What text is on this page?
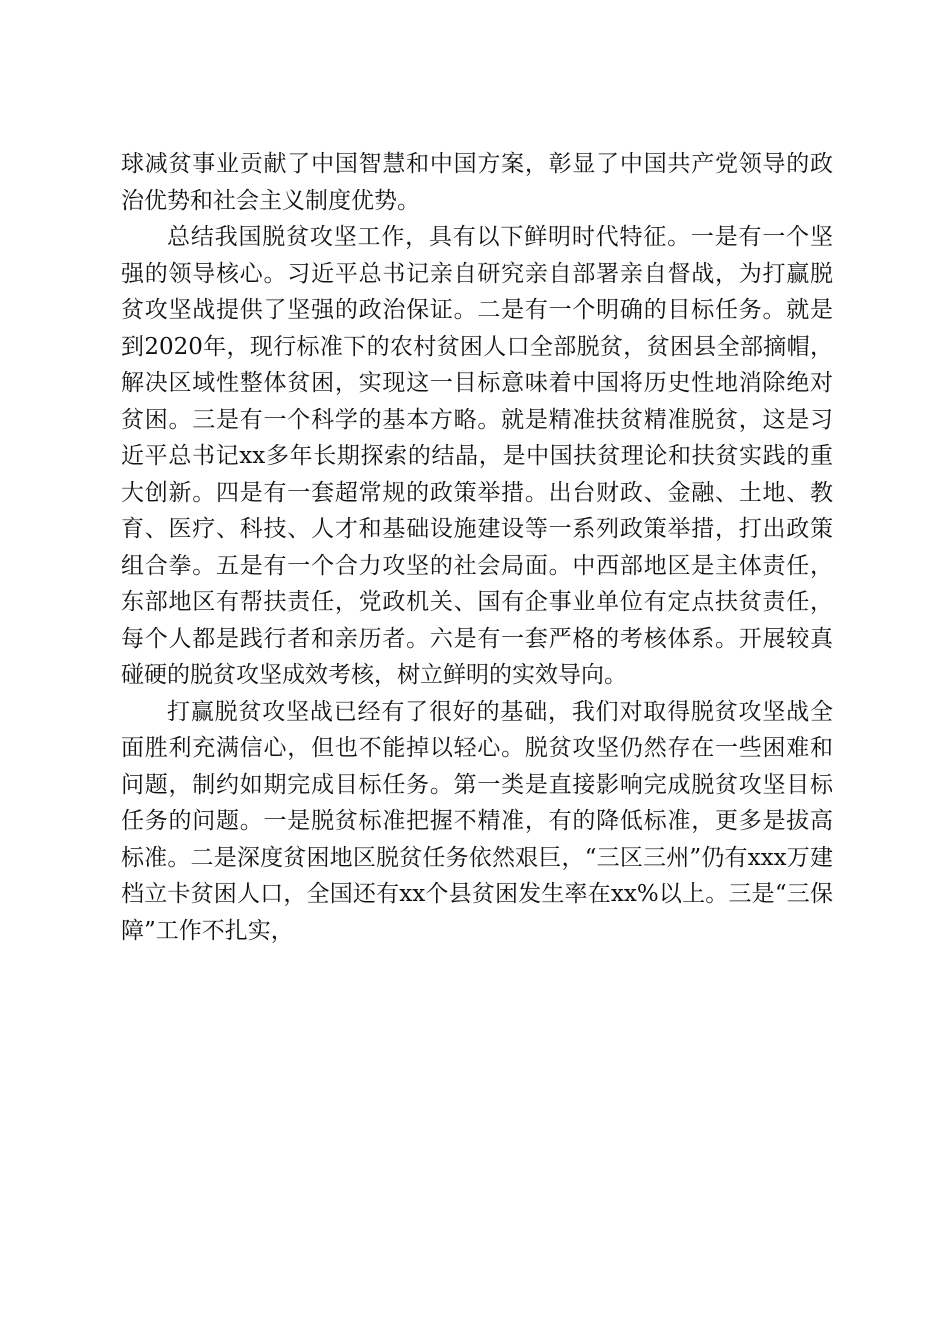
球减贫事业贡献了中国智慧和中国方案，彰显了中国共产党领导的政治优势和社会主义制度优势。

总结我国脱贫攻坚工作，具有以下鲜明时代特征。一是有一个坚强的领导核心。习近平总书记亲自研究亲自部署亲自督战，为打赢脱贫攻坚战提供了坚强的政治保证。二是有一个明确的目标任务。就是到2020年，现行标准下的农村贫困人口全部脱贫，贫困县全部摘帽，解决区域性整体贫困，实现这一目标意味着中国将历史性地消除绝对贫困。三是有一个科学的基本方略。就是精准扶贫精准脱贫，这是习近平总书记xx多年长期探索的结晶，是中国扶贫理论和扶贫实践的重大创新。四是有一套超常规的政策举措。出台财政、金融、土地、教育、医疗、科技、人才和基础设施建设等一系列政策举措，打出政策组合拳。五是有一个合力攻坚的社会局面。中西部地区是主体责任，东部地区有帮扶责任，党政机关、国有企事业单位有定点扶贫责任，每个人都是践行者和亲历者。六是有一套严格的考核体系。开展较真碰硬的脱贫攻坚成效考核，树立鲜明的实效导向。

打赢脱贫攻坚战已经有了很好的基础，我们对取得脱贫攻坚战全面胜利充满信心，但也不能掉以轻心。脱贫攻坚仍然存在一些困难和问题，制约如期完成目标任务。第一类是直接影响完成脱贫攻坚目标任务的问题。一是脱贫标准把握不精准，有的降低标准，更多是拔高标准。二是深度贫困地区脱贫任务依然艰巨，“三区三州”仍有xxx万建档立卡贫困人口，全国还有xx个县贫困发生率在xx%以上。三是“三保障”工作不扎实，
